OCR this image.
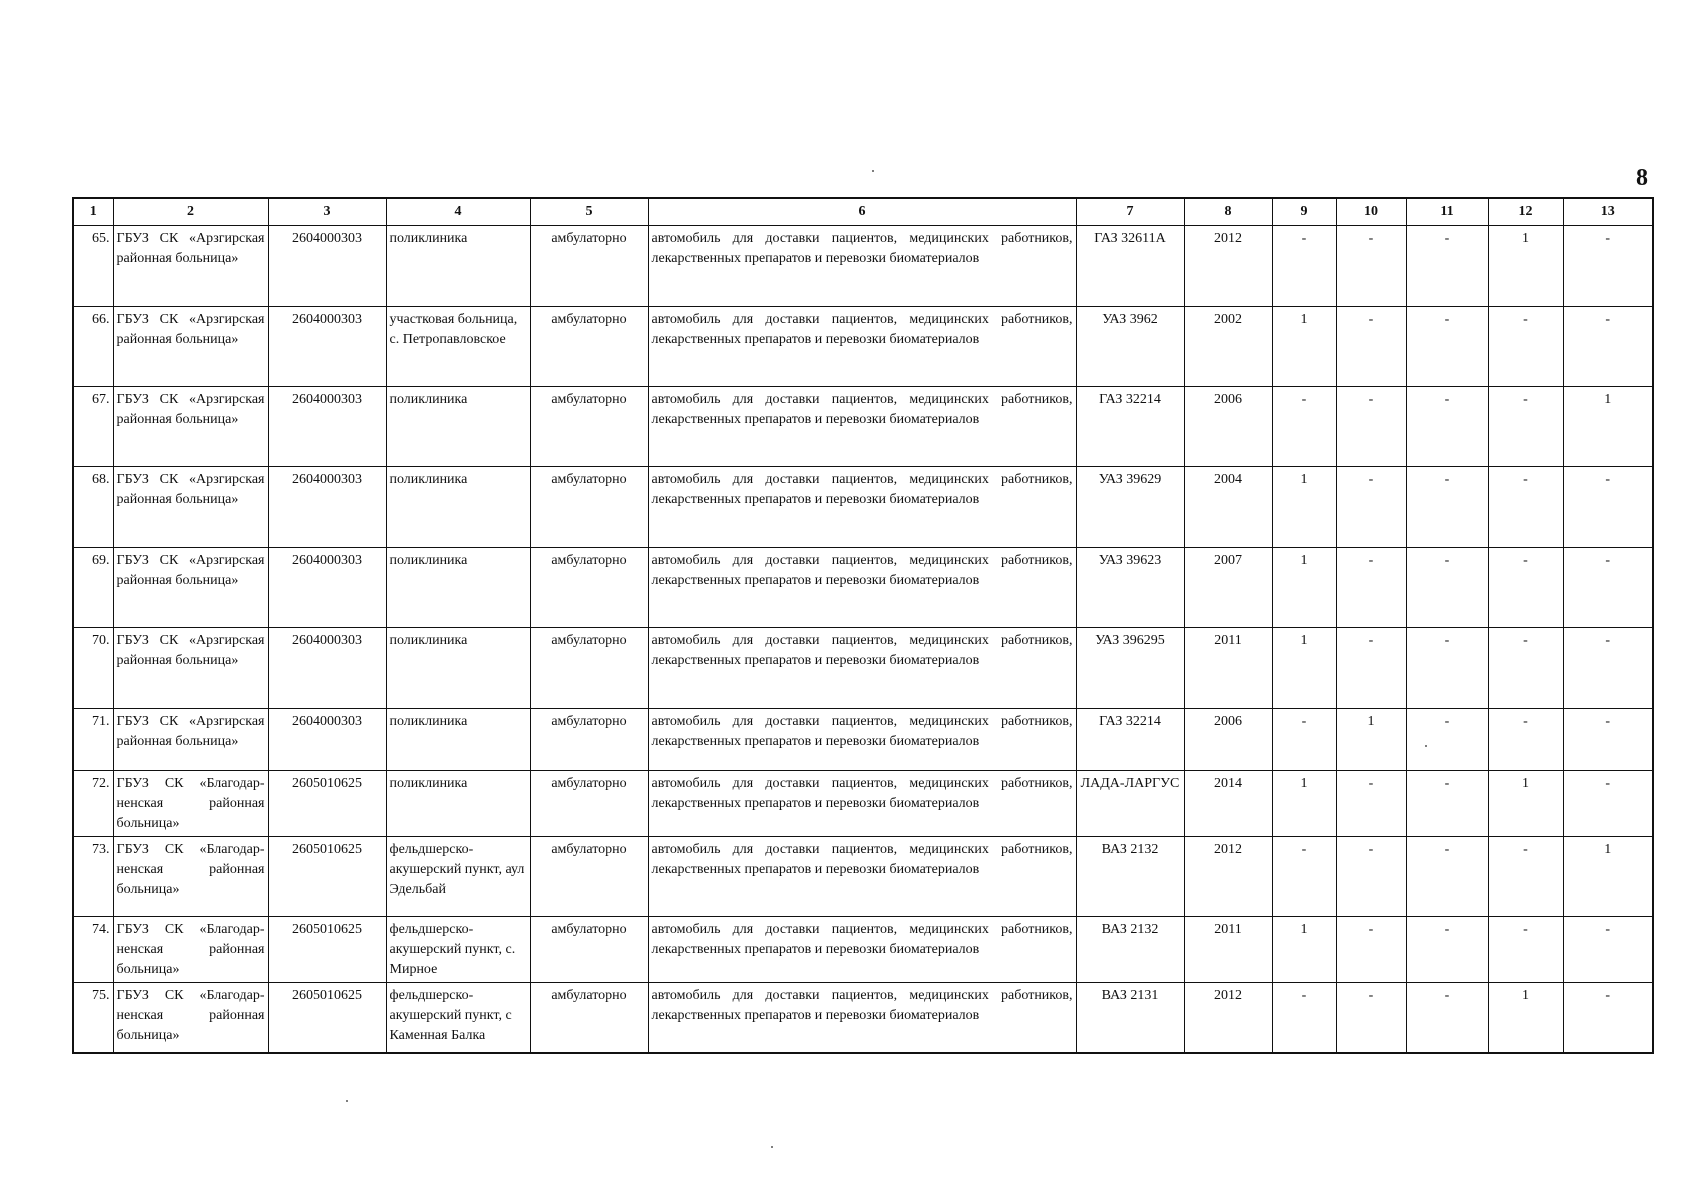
8
1	2	3	4	5	6	7	8	9	10	11	12	13
65.	ГБУЗ СК «Арзгирская районная больница»	2604000303	поликлиника	амбулаторно	автомобиль для доставки пациентов, медицинских работников, лекарственных препаратов и перевозки биоматериалов	ГАЗ 32611А	2012	-	-	-	1	-
66.	ГБУЗ СК «Арзгирская районная больница»	2604000303	участковая больница, с. Петропавловское	амбулаторно	автомобиль для доставки пациентов, медицинских работников, лекарственных препаратов и перевозки биоматериалов	УАЗ 3962	2002	1	-	-	-	-
67.	ГБУЗ СК «Арзгирская районная больница»	2604000303	поликлиника	амбулаторно	автомобиль для доставки пациентов, медицинских работников, лекарственных препаратов и перевозки биоматериалов	ГАЗ 32214	2006	-	-	-	-	1
68.	ГБУЗ СК «Арзгирская районная больница»	2604000303	поликлиника	амбулаторно	автомобиль для доставки пациентов, медицинских работников, лекарственных препаратов и перевозки биоматериалов	УАЗ 39629	2004	1	-	-	-	-
69.	ГБУЗ СК «Арзгирская районная больница»	2604000303	поликлиника	амбулаторно	автомобиль для доставки пациентов, медицинских работников, лекарственных препаратов и перевозки биоматериалов	УАЗ 39623	2007	1	-	-	-	-
70.	ГБУЗ СК «Арзгирская районная больница»	2604000303	поликлиника	амбулаторно	автомобиль для доставки пациентов, медицинских работников, лекарственных препаратов и перевозки биоматериалов	УАЗ 396295	2011	1	-	-	-	-
71.	ГБУЗ СК «Арзгирская районная больница»	2604000303	поликлиника	амбулаторно	автомобиль для доставки пациентов, медицинских работников, лекарственных препаратов и перевозки биоматериалов	ГАЗ 32214	2006	-	1	-	-	-
72.	ГБУЗ СК «Благодар-ненская районная больница»	2605010625	поликлиника	амбулаторно	автомобиль для доставки пациентов, медицинских работников, лекарственных препаратов и перевозки биоматериалов	ЛАДА-ЛАРГУС	2014	1	-	-	1	-
73.	ГБУЗ СК «Благодар-ненская районная больница»	2605010625	фельдшерско-акушерский пункт, аул Эдельбай	амбулаторно	автомобиль для доставки пациентов, медицинских работников, лекарственных препаратов и перевозки биоматериалов	ВАЗ 2132	2012	-	-	-	-	1
74.	ГБУЗ СК «Благодар-ненская районная больница»	2605010625	фельдшерско-акушерский пункт, с. Мирное	амбулаторно	автомобиль для доставки пациентов, медицинских работников, лекарственных препаратов и перевозки биоматериалов	ВАЗ 2132	2011	1	-	-	-	-
75.	ГБУЗ СК «Благодар-ненская районная больница»	2605010625	фельдшерско-акушерский пункт, с Каменная Балка	амбулаторно	автомобиль для доставки пациентов, медицинских работников, лекарственных препаратов и перевозки биоматериалов	ВАЗ 2131	2012	-	-	-	1	-
